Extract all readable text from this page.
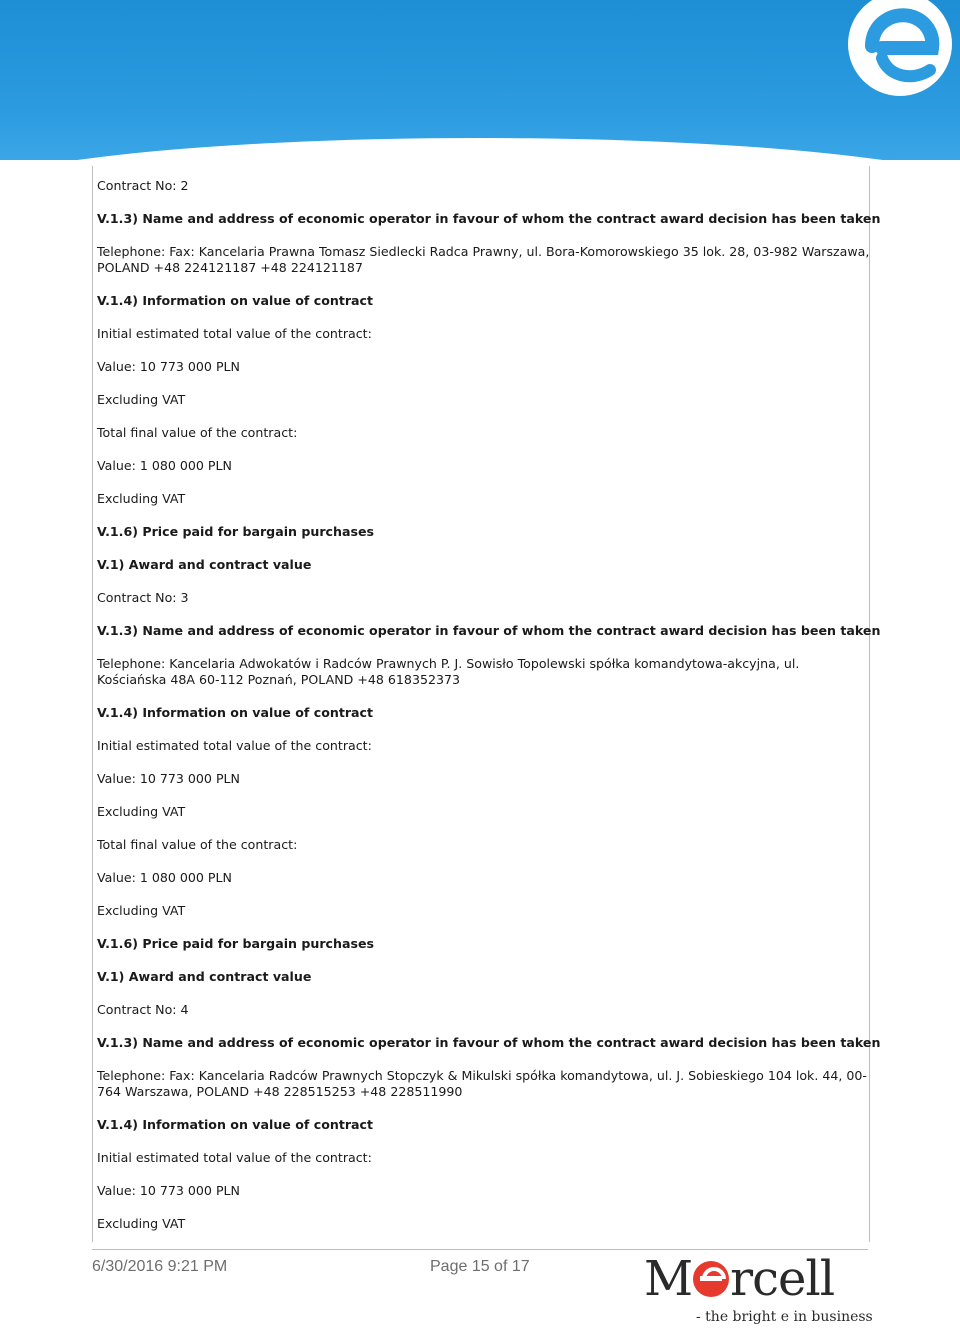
Contract No: 2

V.1.3) Name and address of economic operator in favour of whom the contract award decision has been taken

Telephone: Fax: Kancelaria Prawna Tomasz Siedlecki Radca Prawny, ul. Bora-Komorowskiego 35 lok. 28, 03-982 Warszawa, POLAND +48 224121187 +48 224121187

V.1.4) Information on value of contract

Initial estimated total value of the contract:

Value: 10 773 000 PLN

Excluding VAT

Total final value of the contract:

Value: 1 080 000 PLN

Excluding VAT

V.1.6) Price paid for bargain purchases

V.1) Award and contract value

Contract No: 3

V.1.3) Name and address of economic operator in favour of whom the contract award decision has been taken

Telephone: Kancelaria Adwokatów i Radców Prawnych P. J. Sowisło Topolewski spółka komandytowa-akcyjna, ul. Kościańska 48A 60-112 Poznań, POLAND +48 618352373

V.1.4) Information on value of contract

Initial estimated total value of the contract:

Value: 10 773 000 PLN

Excluding VAT

Total final value of the contract:

Value: 1 080 000 PLN

Excluding VAT

V.1.6) Price paid for bargain purchases

V.1) Award and contract value

Contract No: 4

V.1.3) Name and address of economic operator in favour of whom the contract award decision has been taken

Telephone: Fax: Kancelaria Radców Prawnych Stopczyk & Mikulski spółka komandytowa, ul. J. Sobieskiego 104 lok. 44, 00-764 Warszawa, POLAND +48 228515253 +48 228511990

V.1.4) Information on value of contract

Initial estimated total value of the contract:

Value: 10 773 000 PLN

Excluding VAT

6/30/2016 9:21 PM	Page 15 of 17 M rcell
- the bright e in business
